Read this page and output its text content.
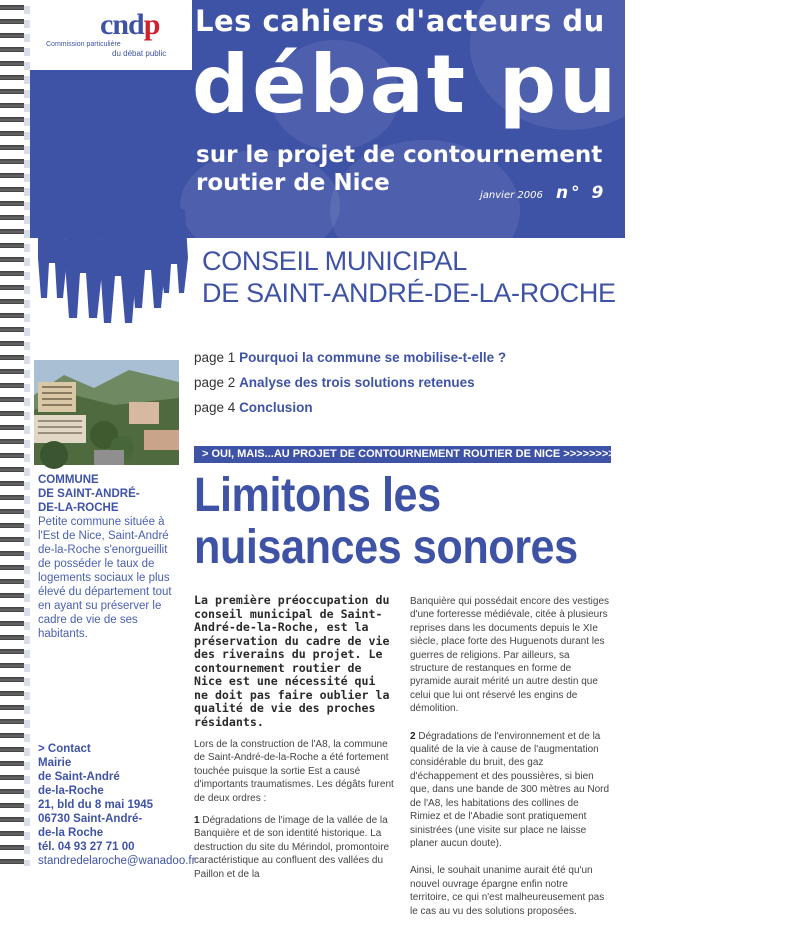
cndp
Commission particulière
du débat public
Les cahiers d'acteurs du
débat public
sur le projet de contournement
routier de Nice	janvier 2006 n° 9
CONSEIL MUNICIPAL
DE SAINT-ANDRÉ-DE-LA-ROCHE
page 1 Pourquoi la commune se mobilise-t-elle ?
page 2 Analyse des trois solutions retenues
page 4 Conclusion
COMMUNE
DE SAINT-ANDRÉ-
DE-LA-ROCHE
Petite commune située à l'Est de Nice, Saint-André de-la-Roche s'enorgueillit de posséder le taux de logements sociaux le plus élevé du département tout en ayant su préserver le cadre de vie de ses habitants.
> Contact
Mairie
de Saint-André
de-la-Roche
21, bld du 8 mai 1945
06730 Saint-André-
de-la Roche
tél. 04 93 27 71 00
standredelaroche@wanadoo.fr
> OUI, MAIS...AU PROJET DE CONTOURNEMENT ROUTIER DE NICE >>>>>>>>>>
Limitons les
nuisances sonores
La première préoccupation du conseil municipal de Saint-André-de-la-Roche, est la préservation du cadre de vie des riverains du projet. Le contournement routier de Nice est une nécessité qui ne doit pas faire oublier la qualité de vie des proches résidants.

Lors de la construction de l'A8, la commune de Saint-André-de-la-Roche a été fortement touchée puisque la sortie Est a causé d'importants traumatismes. Les dégâts furent de deux ordres :

1 Dégradations de l'image de la vallée de la Banquière et de son identité historique. La destruction du site du Mérindol, promontoire caractéristique au confluent des vallées du Paillon et de la

Banquière qui possédait encore des vestiges d'une forteresse médiévale, citée à plusieurs reprises dans les documents depuis le XIe siècle, place forte des Huguenots durant les guerres de religions. Par ailleurs, sa structure de restanques en forme de pyramide aurait mérité un autre destin que celui que lui ont réservé les engins de démolition.

2 Dégradations de l'environnement et de la qualité de la vie à cause de l'augmentation considérable du bruit, des gaz d'échappement et des poussières, si bien que, dans une bande de 300 mètres au Nord de l'A8, les habitations des collines de Rimiez et de l'Abadie sont pratiquement sinistrées (une visite sur place ne laisse planer aucun doute).

Ainsi, le souhait unanime aurait été qu'un nouvel ouvrage épargne enfin notre territoire, ce qui n'est malheureusement pas le cas au vu des solutions proposées.
